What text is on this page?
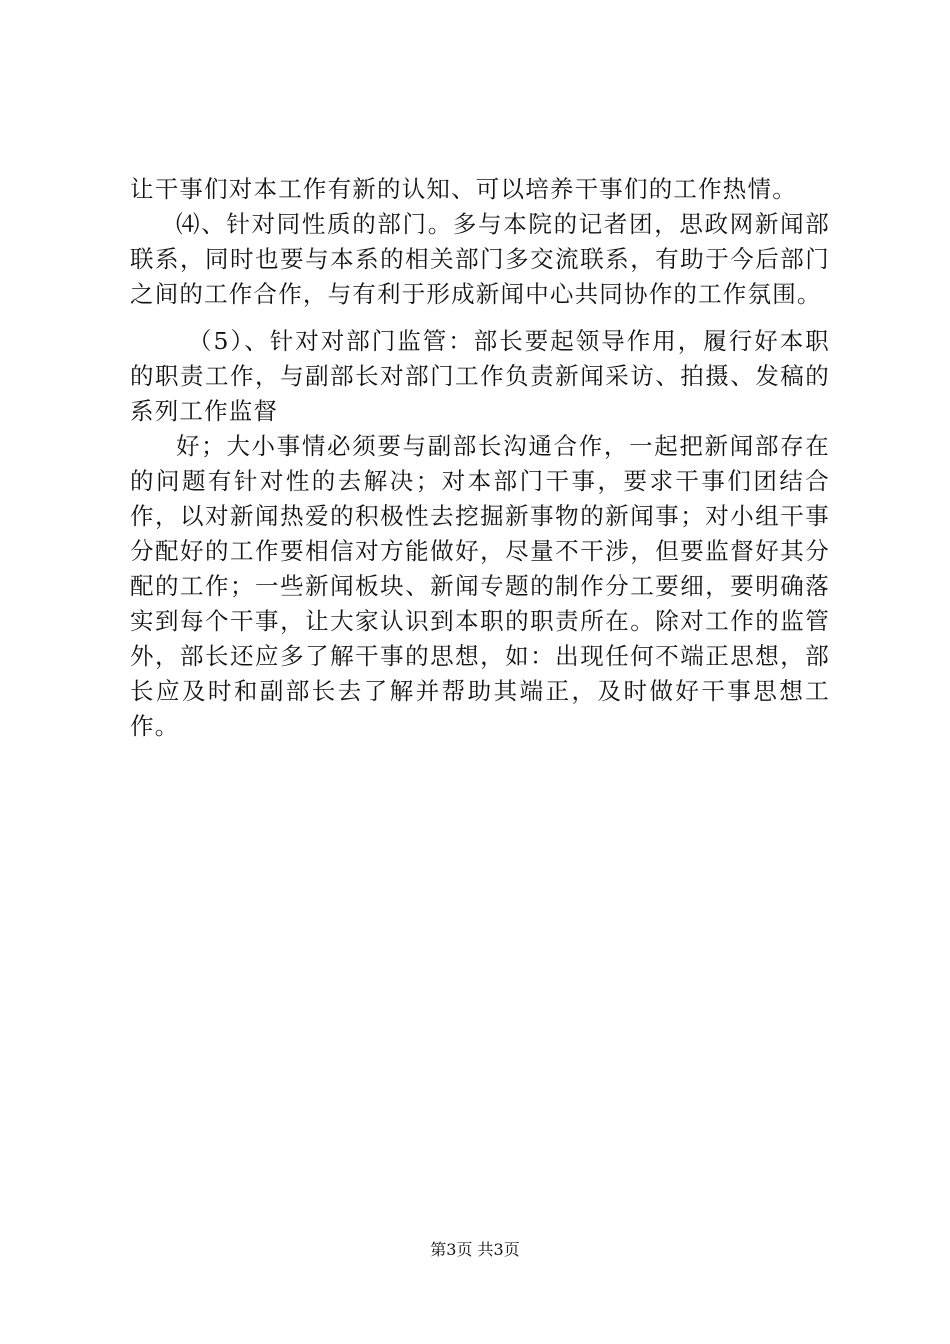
让干事们对本工作有新的认知、可以培养干事们的工作热情。

⑷、针对同性质的部门。多与本院的记者团，思政网新闻部联系，同时也要与本系的相关部门多交流联系，有助于今后部门之间的工作合作，与有利于形成新闻中心共同协作的工作氛围。

（5）、针对对部门监管：部长要起领导作用，履行好本职的职责工作，与副部长对部门工作负责新闻采访、拍摄、发稿的系列工作监督

好；大小事情必须要与副部长沟通合作，一起把新闻部存在的问题有针对性的去解决；对本部门干事，要求干事们团结合作，以对新闻热爱的积极性去挖掘新事物的新闻事；对小组干事分配好的工作要相信对方能做好，尽量不干涉，但要监督好其分配的工作；一些新闻板块、新闻专题的制作分工要细，要明确落实到每个干事，让大家认识到本职的职责所在。除对工作的监管外，部长还应多了解干事的思想，如：出现任何不端正思想，部长应及时和副部长去了解并帮助其端正，及时做好干事思想工作。

第3页 共3页
